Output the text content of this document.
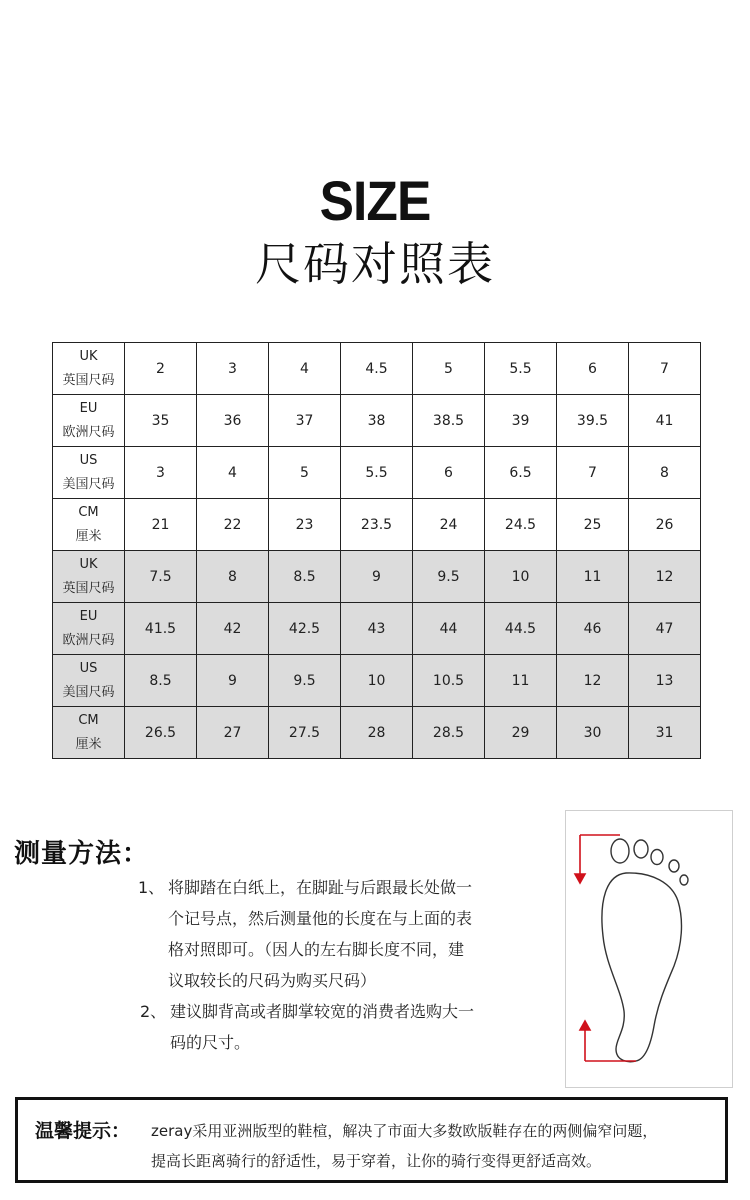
SIZE
尺码对照表
UK
英国尺码	2	3	4	4.5	5	5.5	6	7

EU
欧洲尺码	35	36	37	38	38.5	39	39.5	41

US
美国尺码	3	4	5	5.5	6	6.5	7	8

CM
厘米	21	22	23	23.5	24	24.5	25	26

UK
英国尺码	7.5	8	8.5	9	9.5	10	11	12

EU
欧洲尺码	41.5	42	42.5	43	44	44.5	46	47

US
美国尺码	8.5	9	9.5	10	10.5	11	12	13

CM
厘米	26.5	27	27.5	28	28.5	29	30	31
测量方法：
1、 将脚踏在白纸上，在脚趾与后跟最长处做一
个记号点，然后测量他的长度在与上面的表
格对照即可。（因人的左右脚长度不同，建
议取较长的尺码为购买尺码）
2、 建议脚背高或者脚掌较宽的消费者选购大一
码的尺寸。
温馨提示： zeray采用亚洲版型的鞋楦，解决了市面大多数欧版鞋存在的两侧偏窄问题，
提高长距离骑行的舒适性，易于穿着，让你的骑行变得更舒适高效。
